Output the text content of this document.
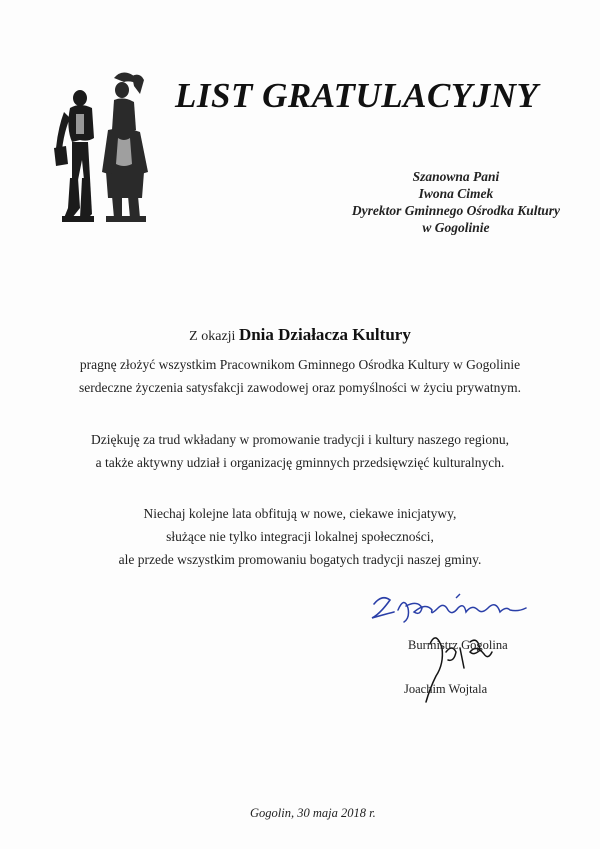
LIST GRATULACYJNY
Szanowna Pani
Iwona Cimek
Dyrektor Gminnego Ośrodka Kultury
w Gogolinie
Z okazji Dnia Działacza Kultury
pragnę złożyć wszystkim Pracownikom Gminnego Ośrodka Kultury w Gogolinie
serdeczne życzenia satysfakcji zawodowej oraz pomyślności w życiu prywatnym.
Dziękuję za trud wkładany w promowanie tradycji i kultury naszego regionu,
a także aktywny udział i organizację gminnych przedsięwzięć kulturalnych.
Niechaj kolejne lata obfitują w nowe, ciekawe inicjatywy,
służące nie tylko integracji lokalnej społeczności,
ale przede wszystkim promowaniu bogatych tradycji naszej gminy.
Burmistrz Gogolina
Joachim Wojtala
Gogolin, 30 maja 2018 r.
